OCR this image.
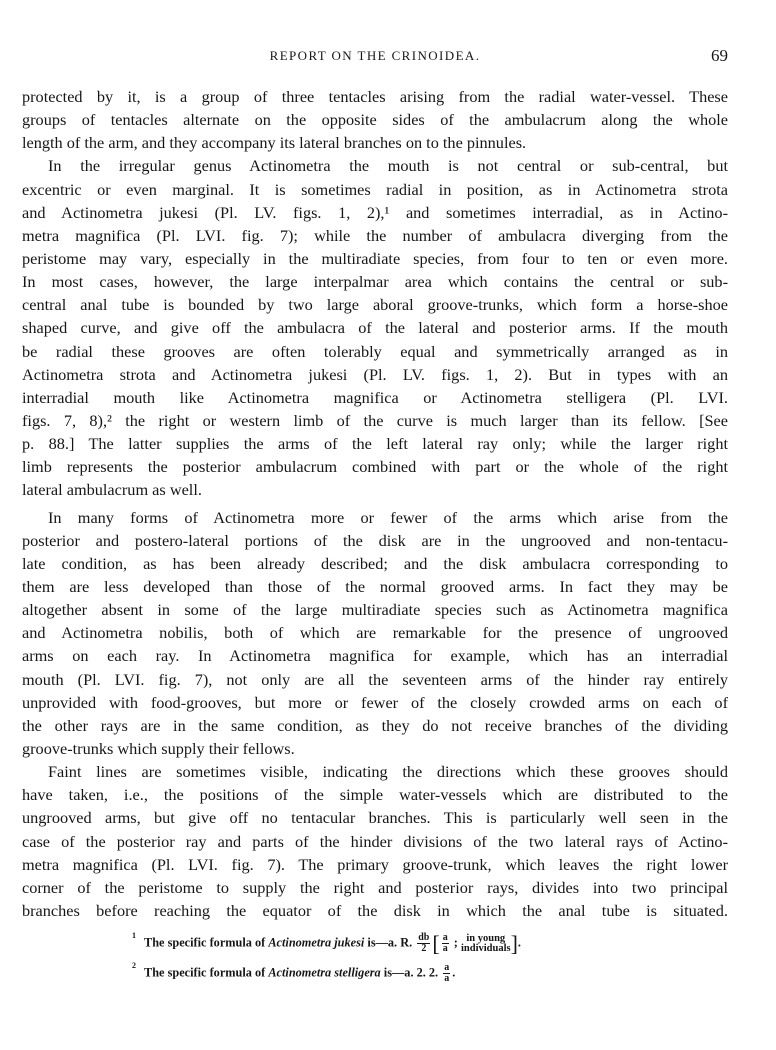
REPORT ON THE CRINOIDEA.	69
protected by it, is a group of three tentacles arising from the radial water-vessel. These
groups of tentacles alternate on the opposite sides of the ambulacrum along the whole
length of the arm, and they accompany its lateral branches on to the pinnules.
In the irregular genus Actinometra the mouth is not central or sub-central, but
excentric or even marginal. It is sometimes radial in position, as in Actinometra strota
and Actinometra jukesi (Pl. LV. figs. 1, 2),¹ and sometimes interradial, as in Actino-
metra magnifica (Pl. LVI. fig. 7); while the number of ambulacra diverging from the
peristome may vary, especially in the multiradiate species, from four to ten or even more.
In most cases, however, the large interpalmar area which contains the central or sub-
central anal tube is bounded by two large aboral groove-trunks, which form a horse-shoe
shaped curve, and give off the ambulacra of the lateral and posterior arms. If the mouth
be radial these grooves are often tolerably equal and symmetrically arranged as in
Actinometra strota and Actinometra jukesi (Pl. LV. figs. 1, 2). But in types with an
interradial mouth like Actinometra magnifica or Actinometra stelligera (Pl. LVI.
figs. 7, 8),² the right or western limb of the curve is much larger than its fellow. [See
p. 88.] The latter supplies the arms of the left lateral ray only; while the larger right
limb represents the posterior ambulacrum combined with part or the whole of the right
lateral ambulacrum as well.
In many forms of Actinometra more or fewer of the arms which arise from the
posterior and postero-lateral portions of the disk are in the ungrooved and non-tentacu-
late condition, as has been already described; and the disk ambulacra corresponding to
them are less developed than those of the normal grooved arms. In fact they may be
altogether absent in some of the large multiradiate species such as Actinometra magnifica
and Actinometra nobilis, both of which are remarkable for the presence of ungrooved
arms on each ray. In Actinometra magnifica for example, which has an interradial
mouth (Pl. LVI. fig. 7), not only are all the seventeen arms of the hinder ray entirely
unprovided with food-grooves, but more or fewer of the closely crowded arms on each of
the other rays are in the same condition, as they do not receive branches of the dividing
groove-trunks which supply their fellows.
Faint lines are sometimes visible, indicating the directions which these grooves should
have taken, i.e., the positions of the simple water-vessels which are distributed to the
ungrooved arms, but give off no tentacular branches. This is particularly well seen in the
case of the posterior ray and parts of the hinder divisions of the two lateral rays of Actino-
metra magnifica (Pl. LVI. fig. 7). The primary groove-trunk, which leaves the right lower
corner of the peristome to supply the right and posterior rays, divides into two principal
branches before reaching the equator of the disk in which the anal tube is situated.
1 The specific formula of Actinometra jukesi is—a. R. $\frac{db}{2}$ [ $\frac{a}{a}$ ; in young
individuals ].
2 The specific formula of Actinometra stelligera is—a. 2. 2. $\frac{a}{a}$ .
